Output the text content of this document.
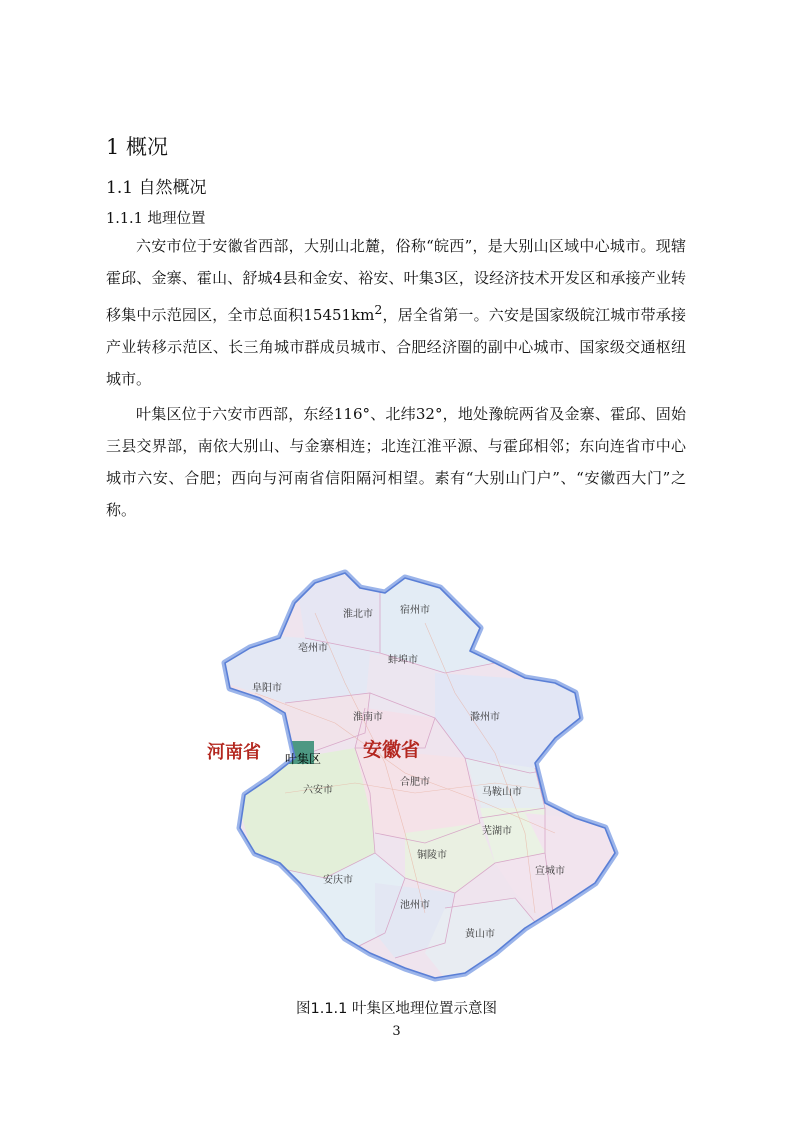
1 概况
1.1 自然概况
1.1.1 地理位置

六安市位于安徽省西部，大别山北麓，俗称“皖西”，是大别山区域中心城市。现辖霍邱、金寨、霍山、舒城4县和金安、裕安、叶集3区，设经济技术开发区和承接产业转移集中示范园区，全市总面积$15451km^2$，居全省第一。六安是国家级皖江城市带承接产业转移示范区、长三角城市群成员城市、合肥经济圈的副中心城市、国家级交通枢纽城市。

叶集区位于六安市西部，东经116°、北纬32°，地处豫皖两省及金寨、霍邱、固始三县交界部，南依大别山、与金寨相连；北连江淮平源、与霍邱相邻；东向连省市中心城市六安、合肥；西向与河南省信阳隔河相望。素有“大别山门户”、“安徽西大门”之称。

淮北市	宿州市
亳州市
蚌埠市
阜阳市
淮南市	滁州市
六安市
合肥市
马鞍山市
芜湖市
铜陵市
宣城市
安庆市
池州市
黄山市
安徽省
河南省 叶集区
图1.1.1 叶集区地理位置示意图
3
